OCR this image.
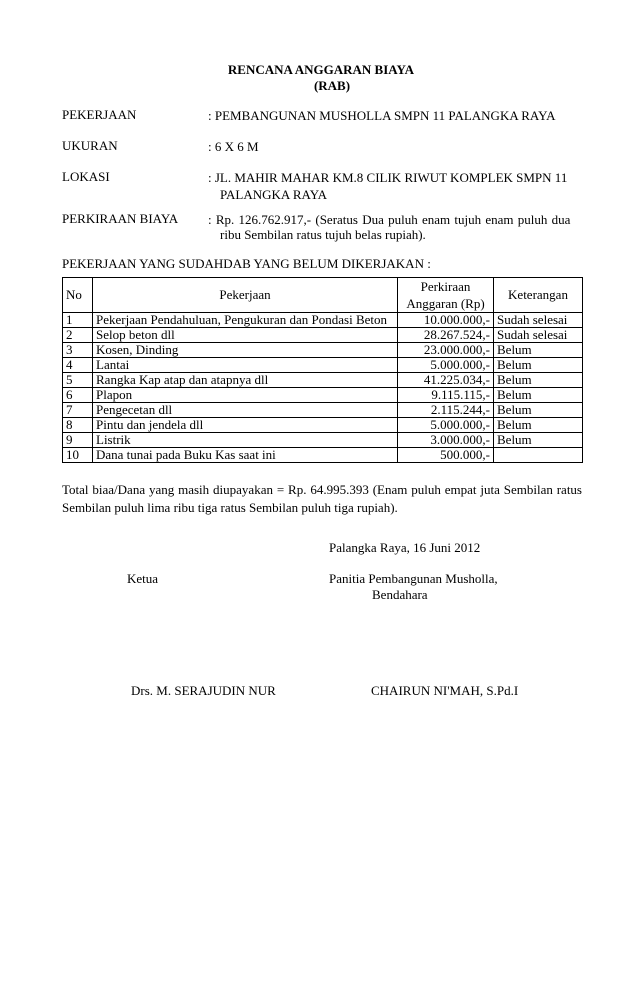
RENCANA ANGGARAN BIAYA
(RAB)
PEKERJAAN	: PEMBANGUNAN MUSHOLLA SMPN 11 PALANGKA RAYA
UKURAN	: 6 X 6 M
LOKASI	: JL. MAHIR MAHAR KM.8 CILIK RIWUT KOMPLEK SMPN 11
PALANGKA RAYA
PERKIRAAN BIAYA : Rp. 126.762.917,- (Seratus Dua puluh enam tujuh enam puluh dua
ribu Sembilan ratus tujuh belas rupiah).
PEKERJAAN YANG SUDAHDAB YANG BELUM DIKERJAKAN :
No	Pekerjaan	Perkiraan
Anggaran (Rp)	Keterangan
1	Pekerjaan Pendahuluan, Pengukuran dan Pondasi Beton	10.000.000,-	Sudah selesai
2	Selop beton dll	28.267.524,-	Sudah selesai
3	Kosen, Dinding	23.000.000,-	Belum
4	Lantai	5.000.000,-	Belum
5	Rangka Kap atap dan atapnya dll	41.225.034,-	Belum
6	Plapon	9.115.115,-	Belum
7	Pengecetan dll	2.115.244,-	Belum
8	Pintu dan jendela dll	5.000.000,-	Belum
9	Listrik	3.000.000,-	Belum
10	Dana tunai pada Buku Kas saat ini	500.000,-	
Total biaa/Dana yang masih diupayakan = Rp. 64.995.393 (Enam puluh empat juta Sembilan ratus Sembilan puluh lima ribu tiga ratus Sembilan puluh tiga rupiah).
Palangka Raya, 16 Juni 2012
Ketua	Panitia Pembangunan Musholla,
Bendahara
Drs. M. SERAJUDIN NUR	CHAIRUN NI'MAH, S.Pd.I
